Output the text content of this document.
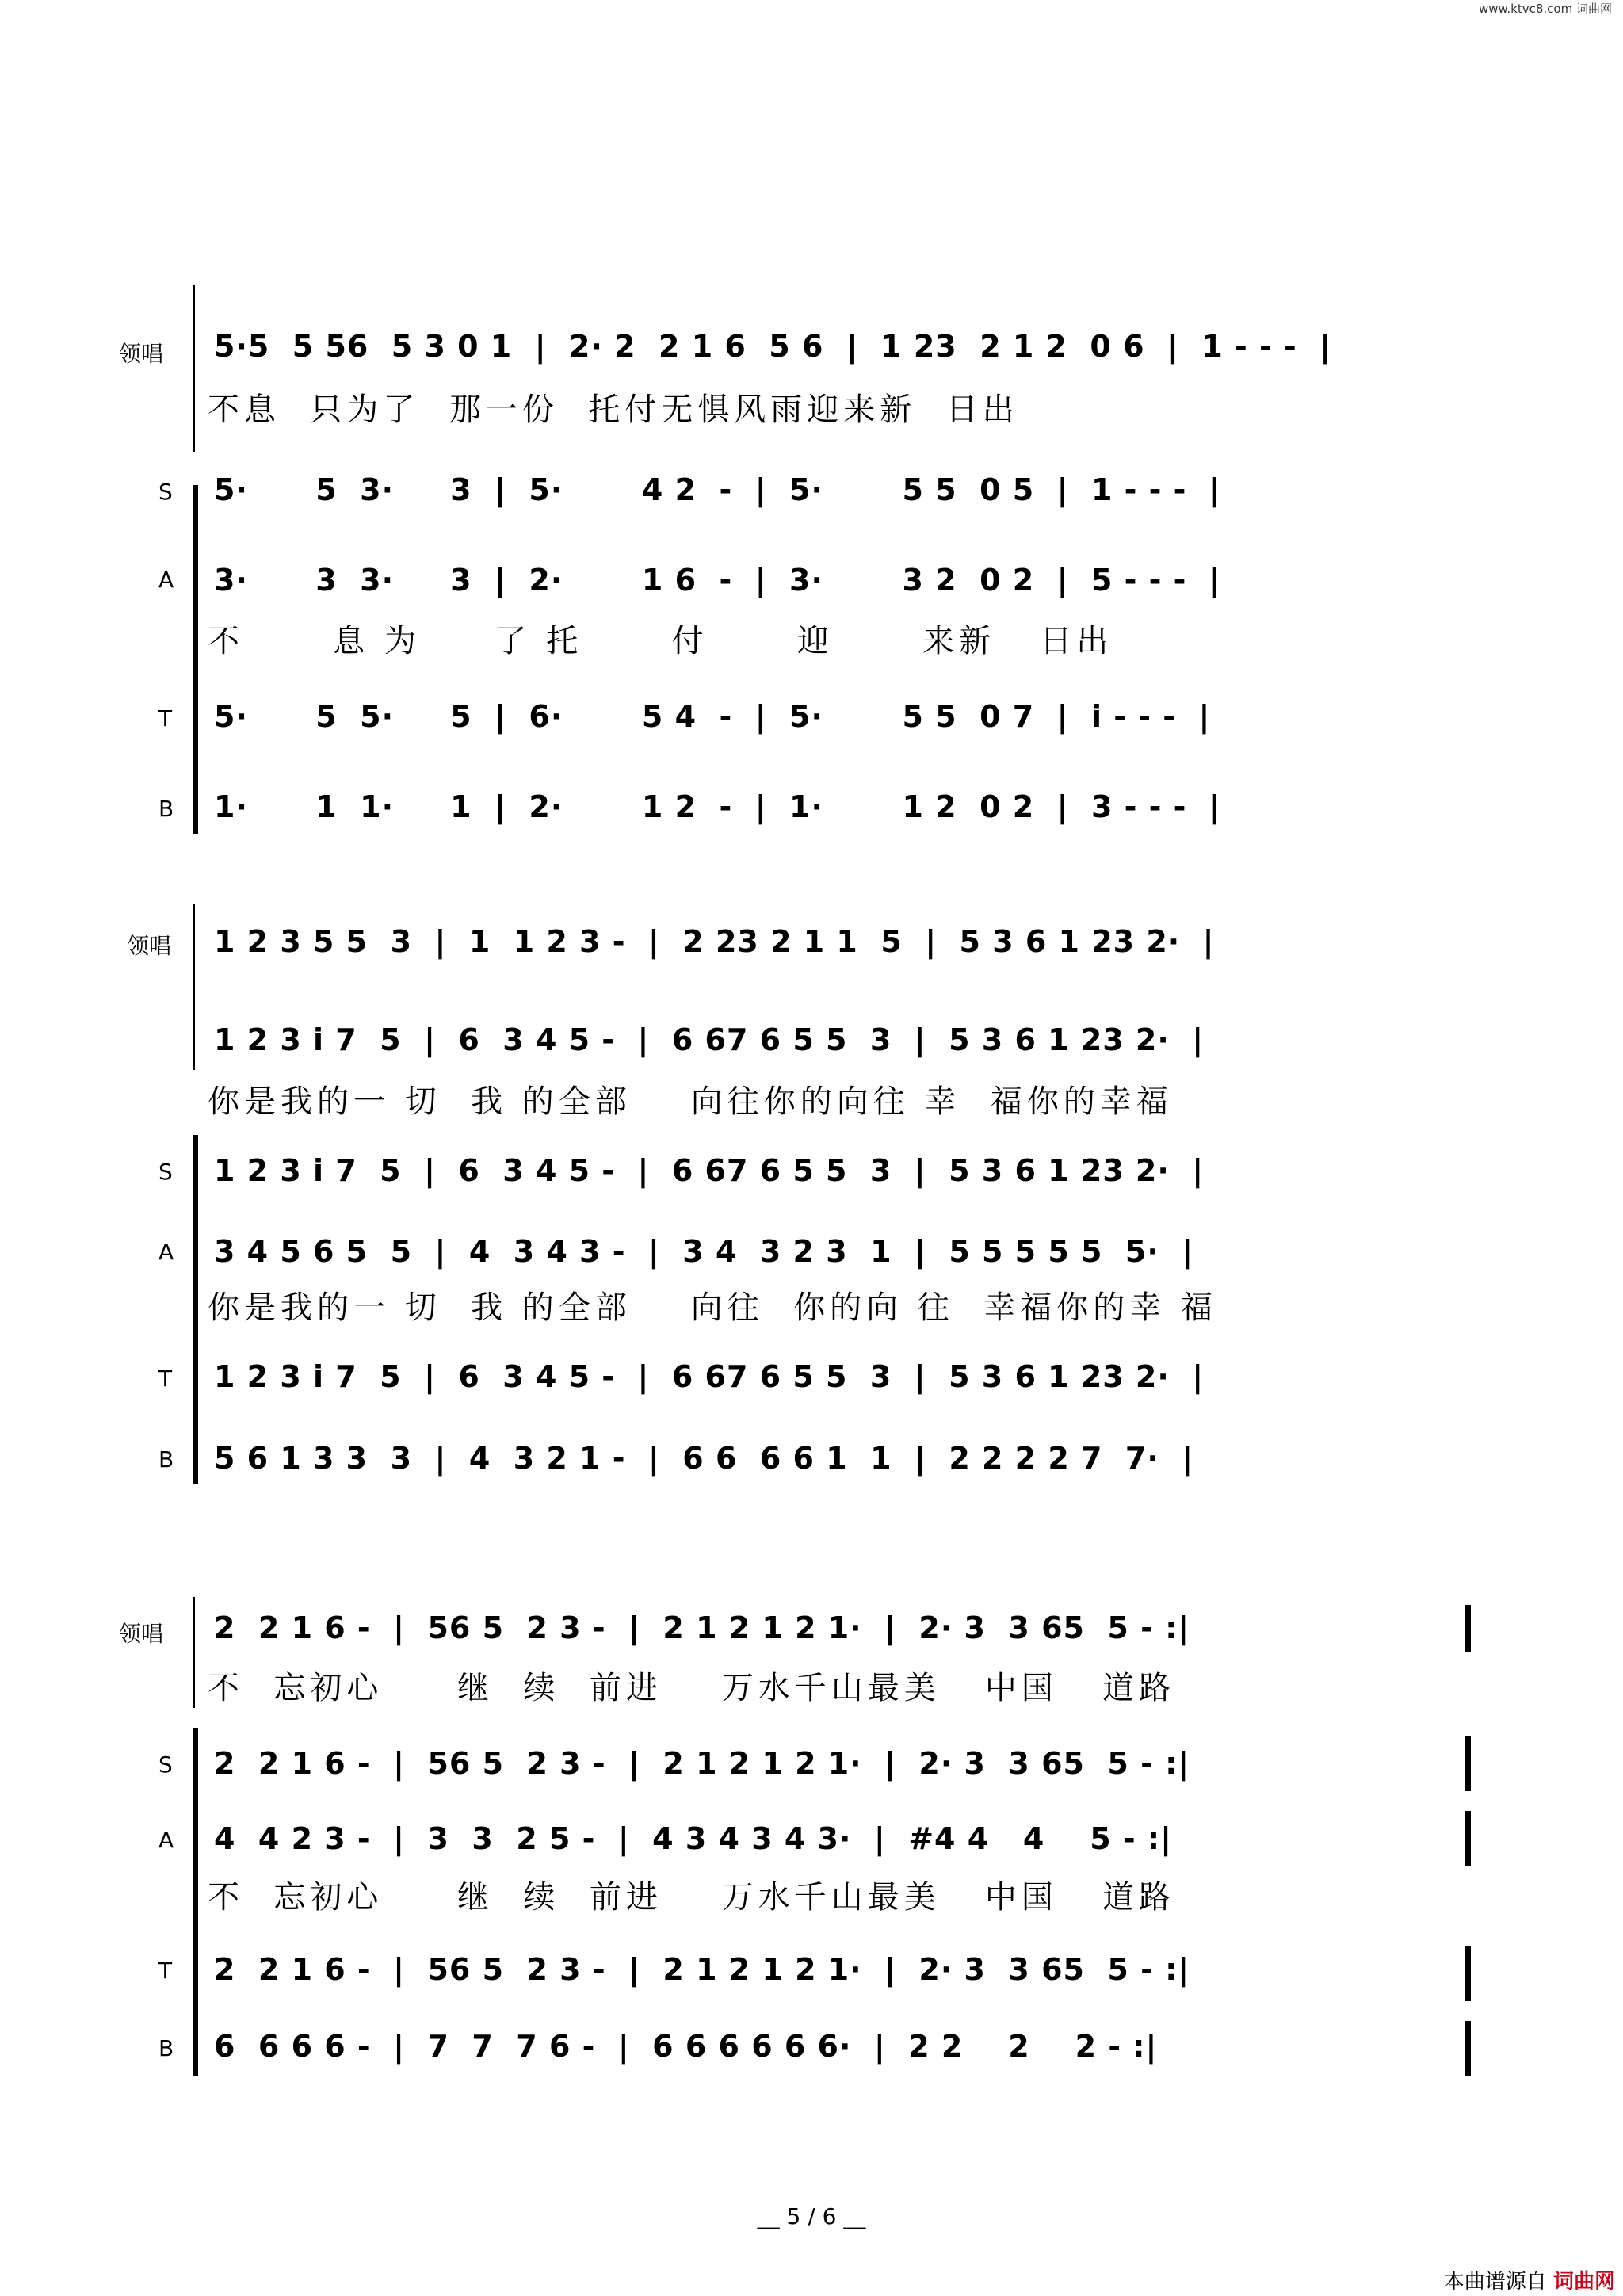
www.ktvc8.com 词曲网
领唱 5·5  5 56  5 3 0 1  |  2· 2  2 1 6  5 6  |  1 23  2 1 2  0 6  |  1 - - -  |
不息  只为了  那一份  托付无惧风雨迎来新  日出
S 5·      5  3·     3  |  5·       4 2  -  |  5·       5 5  0 5  |  1 - - -  |
A 3·      3  3·     3  |  2·       1 6  -  |  3·       3 2  0 2  |  5 - - -  |
不      息 为     了 托      付      迎      来新   日出
T 5·      5  5·     5  |  6·       5 4  -  |  5·       5 5  0 7  |  i - - -  |
B 1·      1  1·     1  |  2·       1 2  -  |  1·       1 2  0 2  |  3 - - -  |
领唱 1 2 3 5 5  3  |  1  1 2 3 -  |  2 23 2 1 1  5  |  5 3 6 1 23 2·  |
1 2 3 i 7  5  |  6  3 4 5 -  |  6 67 6 5 5  3  |  5 3 6 1 23 2·  |
你是我的一 切  我 的全部    向往你的向往 幸  福你的幸福
S 1 2 3 i 7  5  |  6  3 4 5 -  |  6 67 6 5 5  3  |  5 3 6 1 23 2·  |
A 3 4 5 6 5  5  |  4  3 4 3 -  |  3 4  3 2 3  1  |  5 5 5 5 5  5·  |
你是我的一 切  我 的全部    向往  你的向 往  幸福你的幸 福
T 1 2 3 i 7  5  |  6  3 4 5 -  |  6 67 6 5 5  3  |  5 3 6 1 23 2·  |
B 5 6 1 3 3  3  |  4  3 2 1 -  |  6 6  6 6 1  1  |  2 2 2 2 7  7·  |
领唱 2  2 1 6 -  |  56 5  2 3 -  |  2 1 2 1 2 1·  |  2· 3  3 65  5 - :|
不  忘初心     继  续  前进    万水千山最美   中国   道路
S 2  2 1 6 -  |  56 5  2 3 -  |  2 1 2 1 2 1·  |  2· 3  3 65  5 - :|
A 4  4 2 3 -  |  3  3  2 5 -  |  4 3 4 3 4 3·  |  #4 4   4    5 - :|
不  忘初心     继  续  前进    万水千山最美   中国   道路
T 2  2 1 6 -  |  56 5  2 3 -  |  2 1 2 1 2 1·  |  2· 3  3 65  5 - :|
B 6  6 6 6 -  |  7  7  7 6 -  |  6 6 6 6 6 6·  |  2 2    2    2 - :|
__ 5 / 6 __
本曲谱源自 词曲网
